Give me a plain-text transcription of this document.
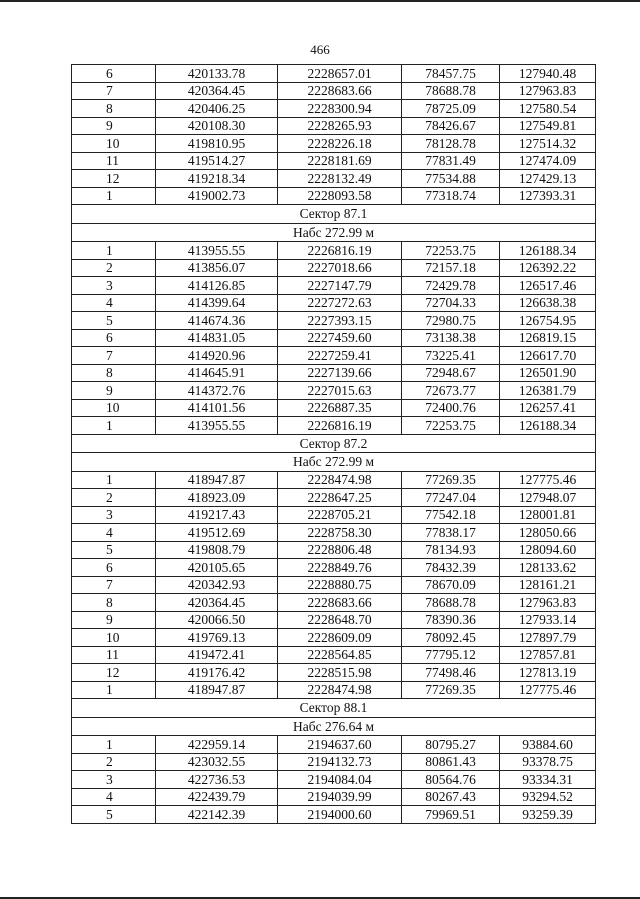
466
6	420133.78	2228657.01	78457.75	127940.48
7	420364.45	2228683.66	78688.78	127963.83
8	420406.25	2228300.94	78725.09	127580.54
9	420108.30	2228265.93	78426.67	127549.81
10	419810.95	2228226.18	78128.78	127514.32
11	419514.27	2228181.69	77831.49	127474.09
12	419218.34	2228132.49	77534.88	127429.13
1	419002.73	2228093.58	77318.74	127393.31
Сектор 87.1				
Набс 272.99 м				
1	413955.55	2226816.19	72253.75	126188.34
2	413856.07	2227018.66	72157.18	126392.22
3	414126.85	2227147.79	72429.78	126517.46
4	414399.64	2227272.63	72704.33	126638.38
5	414674.36	2227393.15	72980.75	126754.95
6	414831.05	2227459.60	73138.38	126819.15
7	414920.96	2227259.41	73225.41	126617.70
8	414645.91	2227139.66	72948.67	126501.90
9	414372.76	2227015.63	72673.77	126381.79
10	414101.56	2226887.35	72400.76	126257.41
1	413955.55	2226816.19	72253.75	126188.34
Сектор 87.2				
Набс 272.99 м				
1	418947.87	2228474.98	77269.35	127775.46
2	418923.09	2228647.25	77247.04	127948.07
3	419217.43	2228705.21	77542.18	128001.81
4	419512.69	2228758.30	77838.17	128050.66
5	419808.79	2228806.48	78134.93	128094.60
6	420105.65	2228849.76	78432.39	128133.62
7	420342.93	2228880.75	78670.09	128161.21
8	420364.45	2228683.66	78688.78	127963.83
9	420066.50	2228648.70	78390.36	127933.14
10	419769.13	2228609.09	78092.45	127897.79
11	419472.41	2228564.85	77795.12	127857.81
12	419176.42	2228515.98	77498.46	127813.19
1	418947.87	2228474.98	77269.35	127775.46
Сектор 88.1				
Набс 276.64 м				
1	422959.14	2194637.60	80795.27	93884.60
2	423032.55	2194132.73	80861.43	93378.75
3	422736.53	2194084.04	80564.76	93334.31
4	422439.79	2194039.99	80267.43	93294.52
5	422142.39	2194000.60	79969.51	93259.39
